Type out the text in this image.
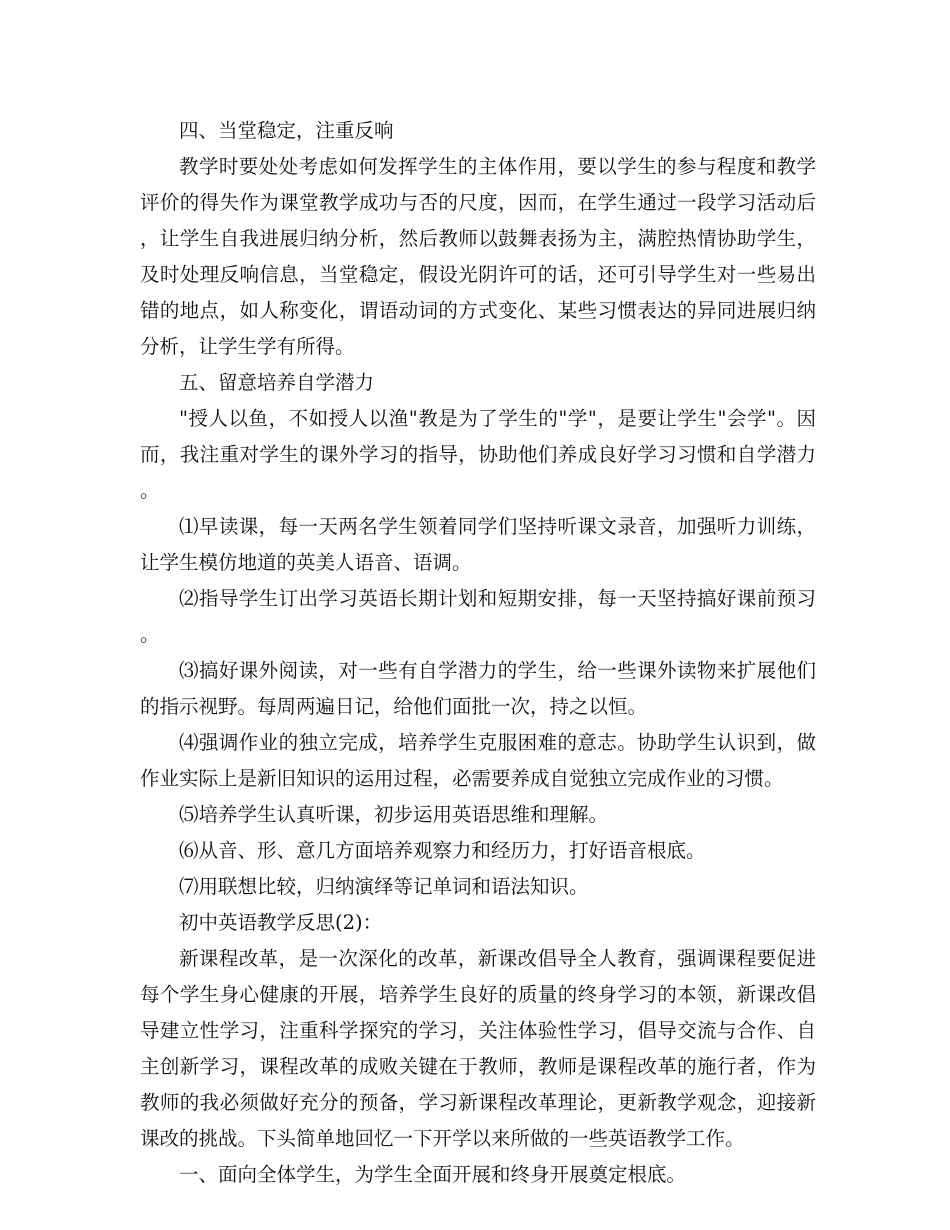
四、当堂稳定，注重反响

教学时要处处考虑如何发挥学生的主体作用，要以学生的参与程度和教学评价的得失作为课堂教学成功与否的尺度，因而，在学生通过一段学习活动后，让学生自我进展归纳分析，然后教师以鼓舞表扬为主，满腔热情协助学生，及时处理反响信息，当堂稳定，假设光阴许可的话，还可引导学生对一些易出错的地点，如人称变化，谓语动词的方式变化、某些习惯表达的异同进展归纳分析，让学生学有所得。

五、留意培养自学潜力

"授人以鱼，不如授人以渔"教是为了学生的"学"，是要让学生"会学"。因而，我注重对学生的课外学习的指导，协助他们养成良好学习习惯和自学潜力。

⑴早读课，每一天两名学生领着同学们坚持听课文录音，加强听力训练，让学生模仿地道的英美人语音、语调。

⑵指导学生订出学习英语长期计划和短期安排，每一天坚持搞好课前预习。

⑶搞好课外阅读，对一些有自学潜力的学生，给一些课外读物来扩展他们的指示视野。每周两遍日记，给他们面批一次，持之以恒。

⑷强调作业的独立完成，培养学生克服困难的意志。协助学生认识到，做作业实际上是新旧知识的运用过程，必需要养成自觉独立完成作业的习惯。

⑸培养学生认真听课，初步运用英语思维和理解。

⑹从音、形、意几方面培养观察力和经历力，打好语音根底。

⑺用联想比较，归纳演绎等记单词和语法知识。

初中英语教学反思(2)：

新课程改革，是一次深化的改革，新课改倡导全人教育，强调课程要促进每个学生身心健康的开展，培养学生良好的质量的终身学习的本领，新课改倡导建立性学习，注重科学探究的学习，关注体验性学习，倡导交流与合作、自主创新学习，课程改革的成败关键在于教师，教师是课程改革的施行者，作为教师的我必须做好充分的预备，学习新课程改革理论，更新教学观念，迎接新课改的挑战。下头简单地回忆一下开学以来所做的一些英语教学工作。

一、面向全体学生，为学生全面开展和终身开展奠定根底。
